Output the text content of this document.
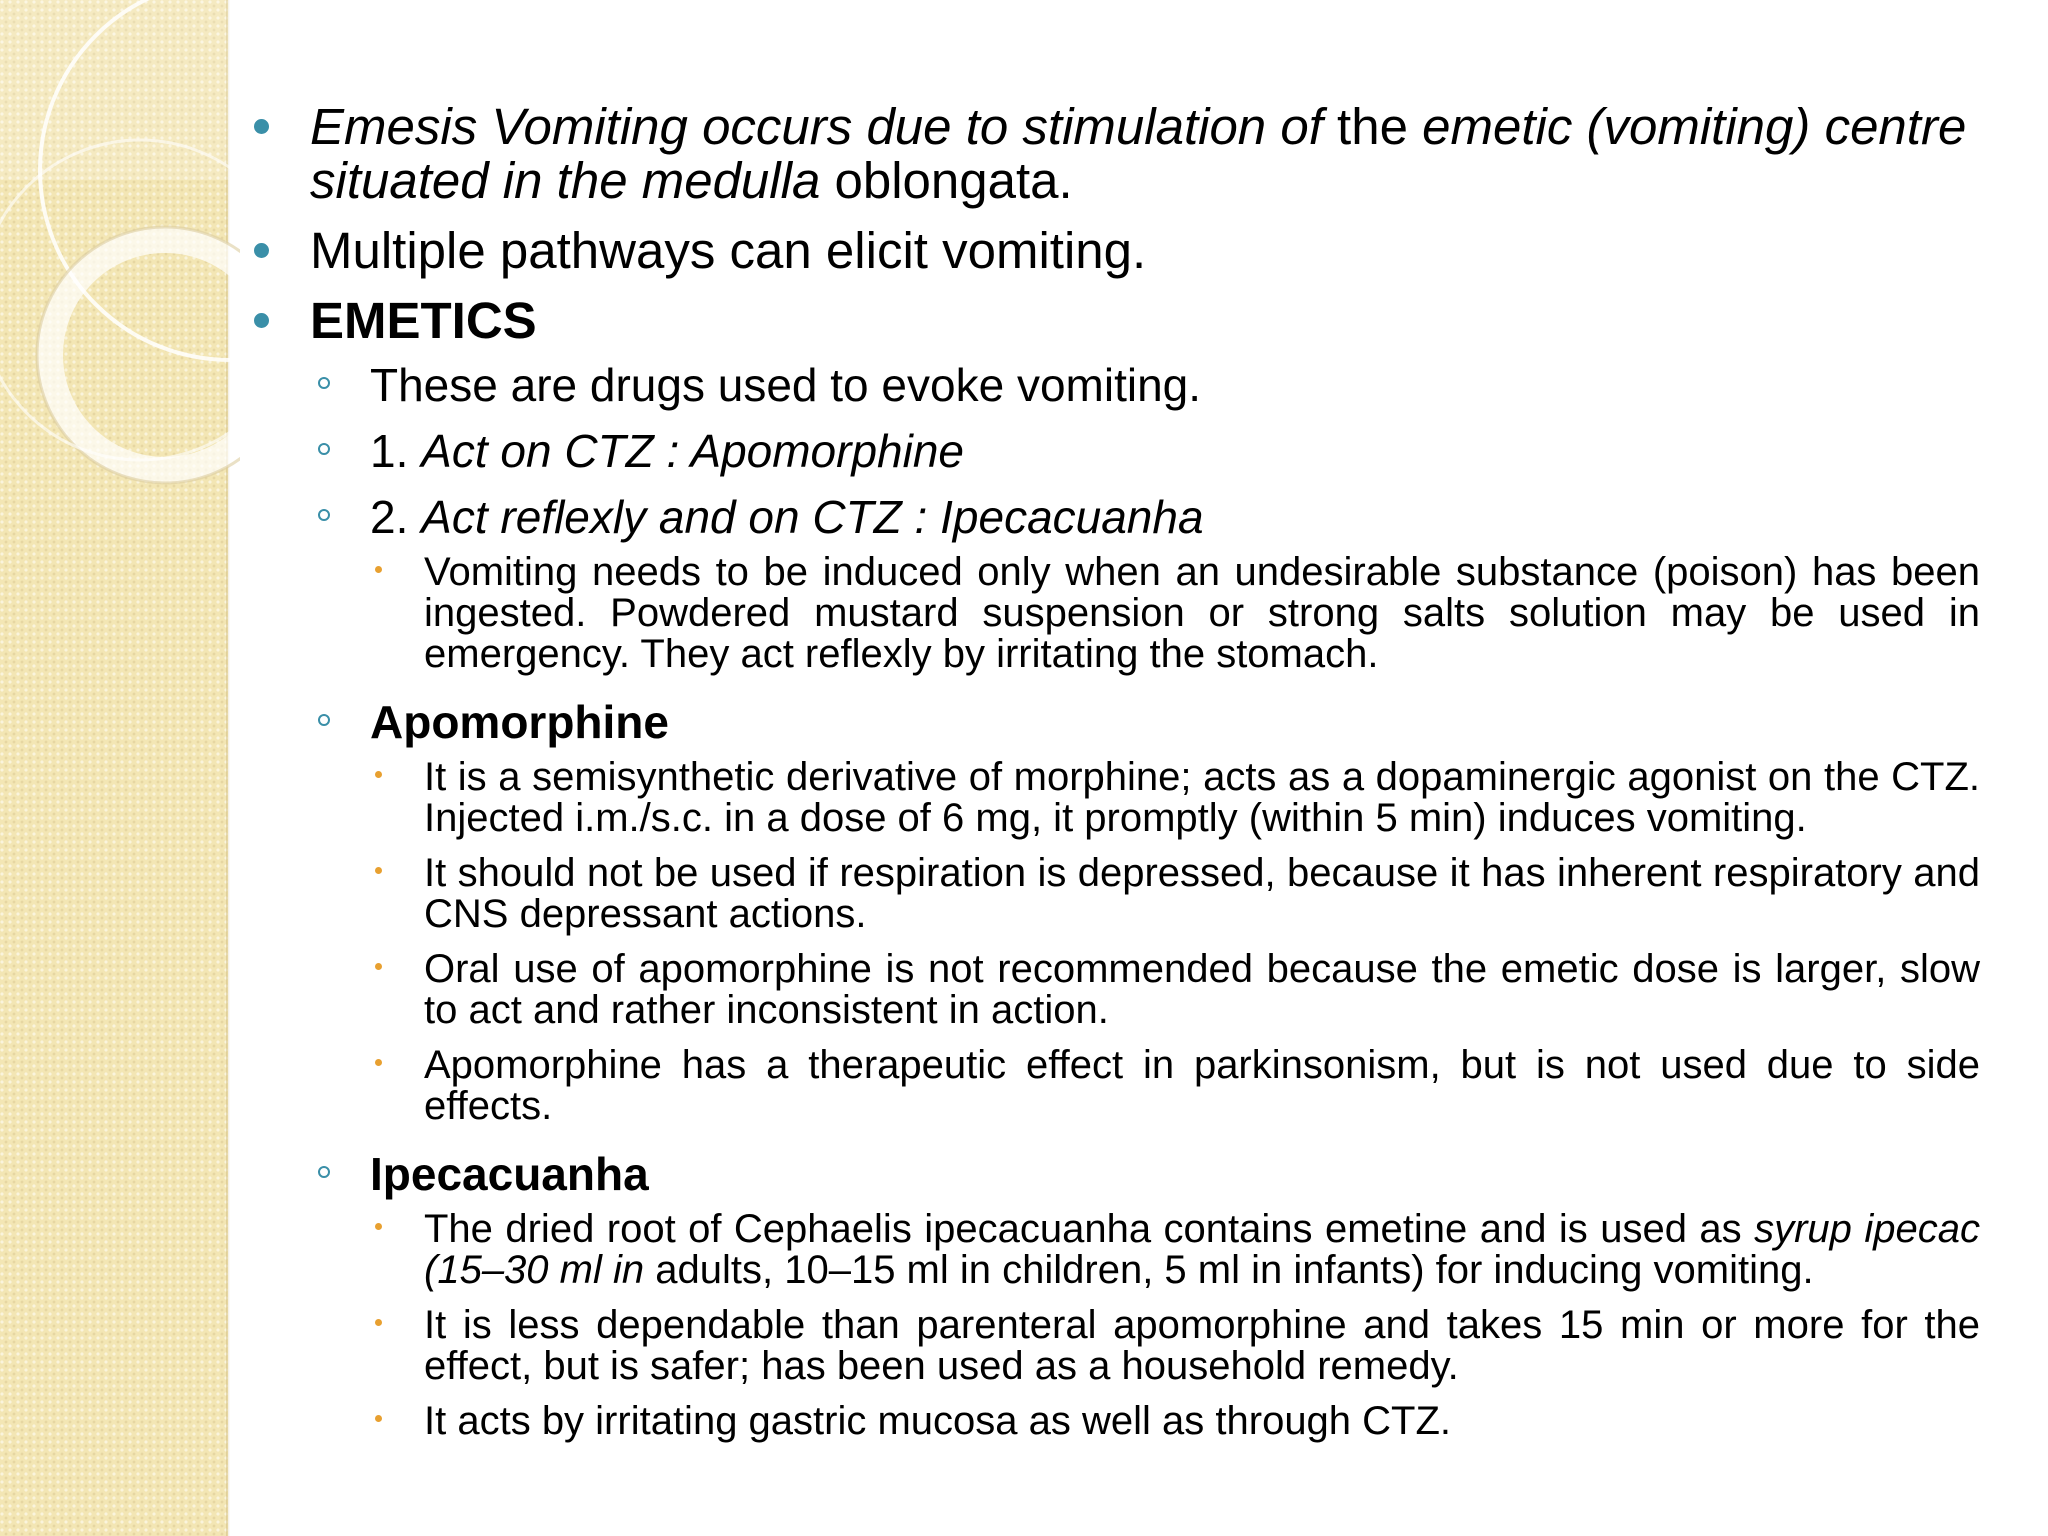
Emesis Vomiting occurs due to stimulation of the emetic (vomiting) centre situated in the medulla oblongata.
Multiple pathways can elicit vomiting.
EMETICS
These are drugs used to evoke vomiting.
1. Act on CTZ : Apomorphine
2. Act reflexly and on CTZ : Ipecacuanha
Vomiting needs to be induced only when an undesirable substance (poison) has been ingested. Powdered mustard suspension or strong salts solution may be used in emergency. They act reflexly by irritating the stomach.
Apomorphine
It is a semisynthetic derivative of morphine; acts as a dopaminergic agonist on the CTZ. Injected i.m./s.c. in a dose of 6 mg, it promptly (within 5 min) induces vomiting.
It should not be used if respiration is depressed, because it has inherent respiratory and CNS depressant actions.
Oral use of apomorphine is not recommended because the emetic dose is larger, slow to act and rather inconsistent in action.
Apomorphine has a therapeutic effect in parkinsonism, but is not used due to side effects.
Ipecacuanha
The dried root of Cephaelis ipecacuanha contains emetine and is used as syrup ipecac (15–30 ml in adults, 10–15 ml in children, 5 ml in infants) for inducing vomiting.
It is less dependable than parenteral apomorphine and takes 15 min or more for the effect, but is safer; has been used as a household remedy.
It acts by irritating gastric mucosa as well as through CTZ.
